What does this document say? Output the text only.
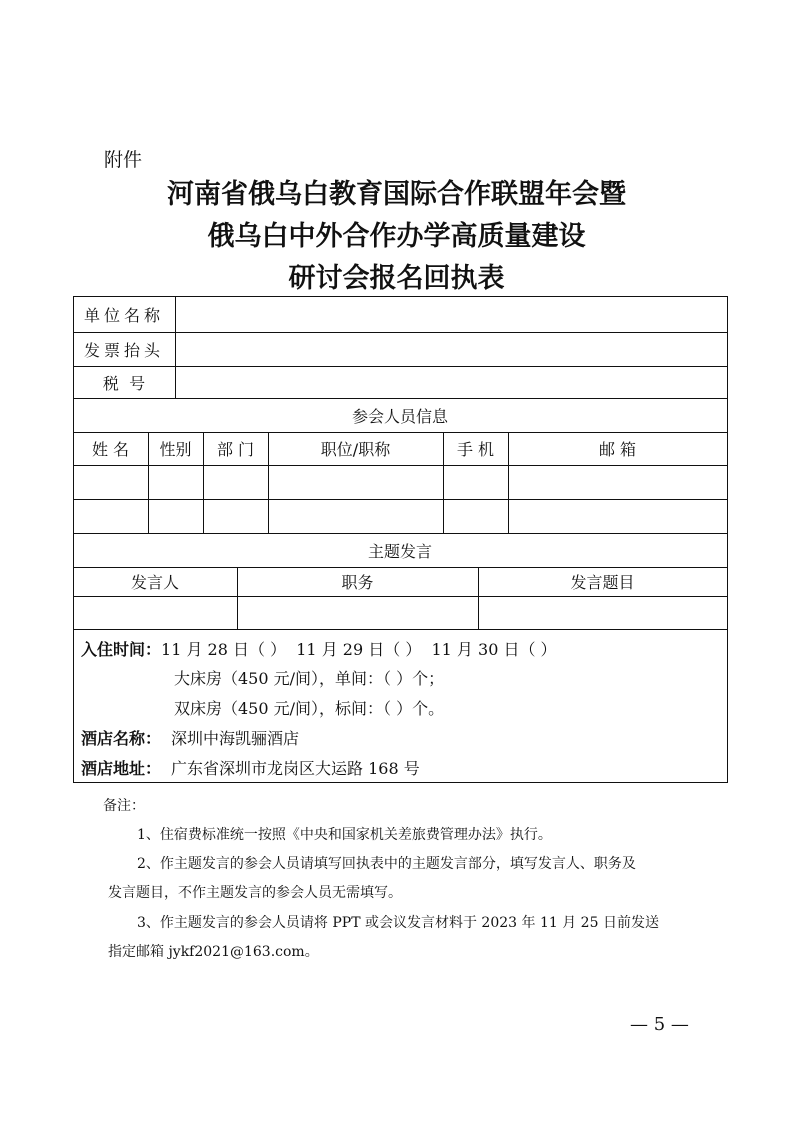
附件
河南省俄乌白教育国际合作联盟年会暨
俄乌白中外合作办学高质量建设
研讨会报名回执表
单位名称
发票抬头
税  号
参会人员信息
姓 名	性别	部 门	职位/职称	手 机	邮 箱
主题发言
发言人	职务	发言题目
入住时间：11 月 28 日（ ）  11 月 29 日（ ）  11 月 30 日（ ）
大床房（450 元/间），单间：（ ）个；
双床房（450 元/间），标间：（ ）个。
酒店名称： 深圳中海凯骊酒店
酒店地址： 广东省深圳市龙岗区大运路 168 号
备注：
1、住宿费标准统一按照《中央和国家机关差旅费管理办法》执行。
2、作主题发言的参会人员请填写回执表中的主题发言部分，填写发言人、职务及
发言题目，不作主题发言的参会人员无需填写。
3、作主题发言的参会人员请将 PPT 或会议发言材料于 2023 年 11 月 25 日前发送
指定邮箱 jykf2021@163.com。
— 5 —
